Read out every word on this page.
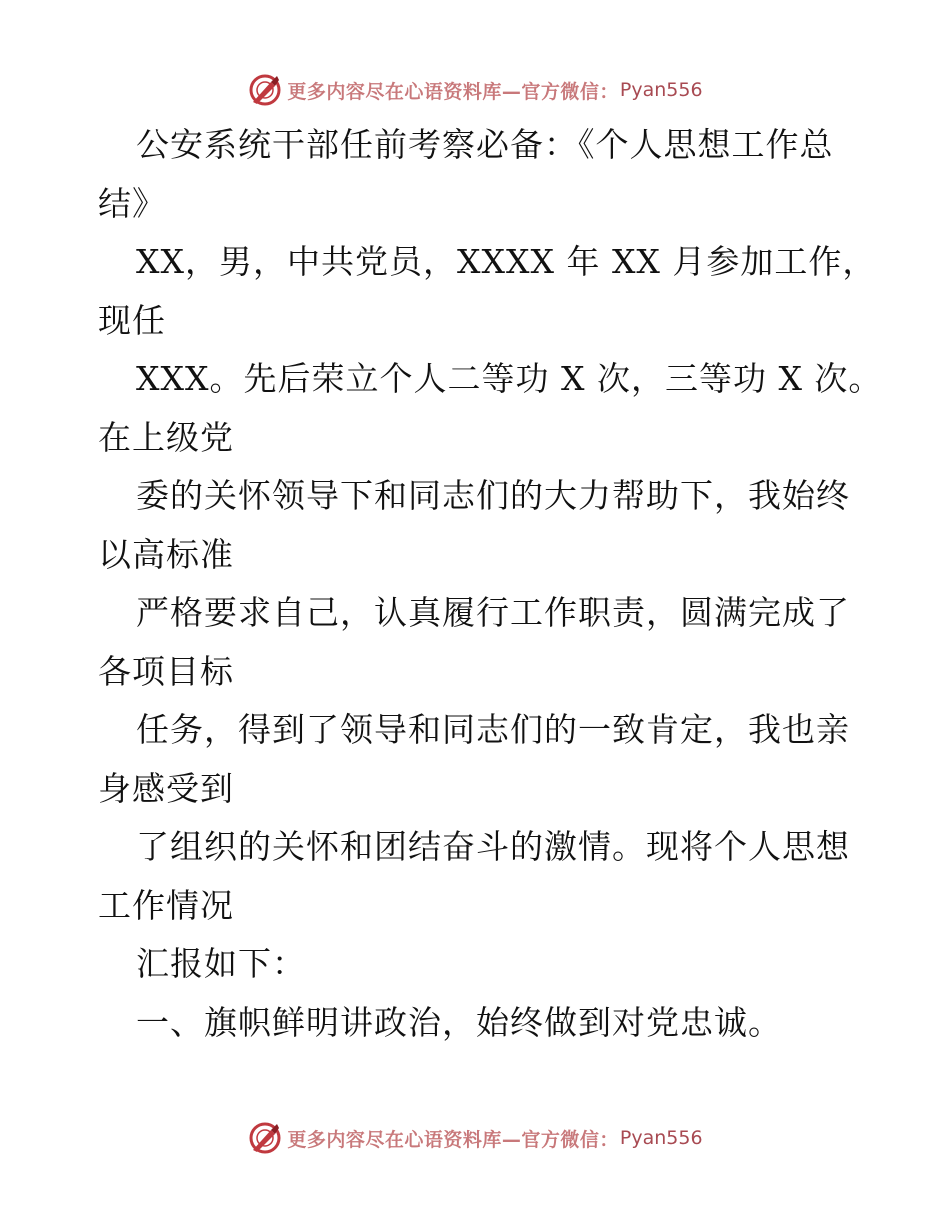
更多内容尽在心语资料库—官方微信： Pyan556
公安系统干部任前考察必备：《个人思想工作总
结》
XX，男，中共党员，XXXX 年 XX 月参加工作，
现任
XXX。先后荣立个人二等功 X 次，三等功 X 次。
在上级党
委的关怀领导下和同志们的大力帮助下，我始终
以高标准
严格要求自己，认真履行工作职责，圆满完成了
各项目标
任务，得到了领导和同志们的一致肯定，我也亲
身感受到
了组织的关怀和团结奋斗的激情。现将个人思想
工作情况
汇报如下：
一、旗帜鲜明讲政治，始终做到对党忠诚。
更多内容尽在心语资料库—官方微信： Pyan556
